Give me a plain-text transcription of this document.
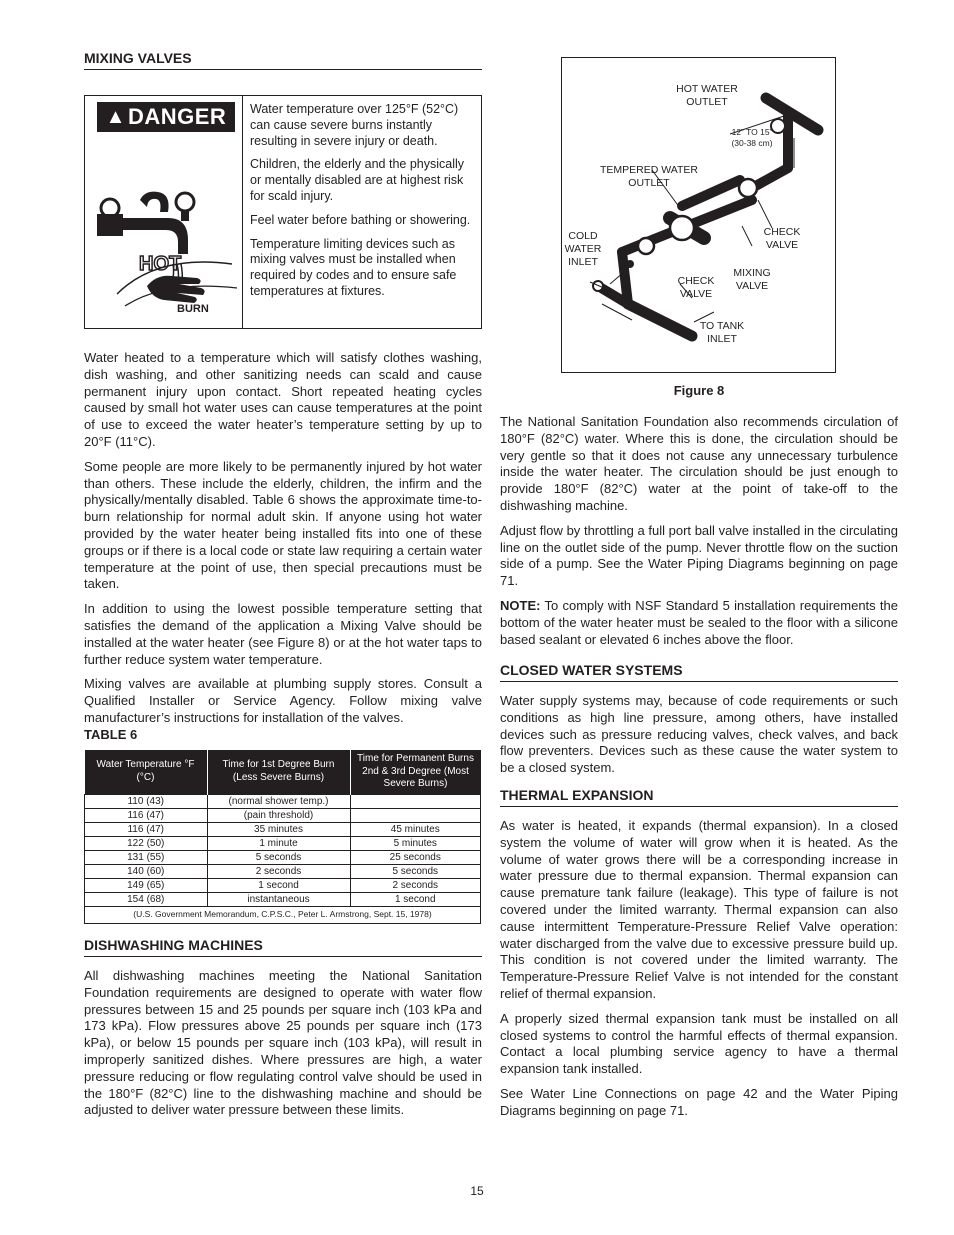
MIXING VALVES
▲ DANGER
HOT
BURN

Water temperature over 125°F (52°C) can cause severe burns instantly resulting in severe injury or death.

Children, the elderly and the physically or mentally disabled are at highest risk for scald injury.

Feel water before bathing or showering.

Temperature limiting devices such as mixing valves must be installed when required by codes and to ensure safe temperatures at fixtures.

Water heated to a temperature which will satisfy clothes washing, dish washing, and other sanitizing needs can scald and cause permanent injury upon contact. Short repeated heating cycles caused by small hot water uses can cause temperatures at the point of use to exceed the water heater’s temperature setting by up to 20°F (11°C).

Some people are more likely to be permanently injured by hot water than others. These include the elderly, children, the infirm and the physically/mentally disabled. Table 6 shows the approximate time-to-burn relationship for normal adult skin. If anyone using hot water provided by the water heater being installed fits into one of these groups or if there is a local code or state law requiring a certain water temperature at the point of use, then special precautions must be taken.

In addition to using the lowest possible temperature setting that satisfies the demand of the application a Mixing Valve should be installed at the water heater (see Figure 8) or at the hot water taps to further reduce system water temperature.

Mixing valves are available at plumbing supply stores. Consult a Qualified Installer or Service Agency. Follow mixing valve manufacturer’s instructions for installation of the valves.

TABLE 6
Water Temperature °F (°C)	Time for 1st Degree Burn (Less Severe Burns)	Time for Permanent Burns 2nd & 3rd Degree (Most Severe Burns)
110 (43)	(normal shower temp.)	
116 (47)	(pain threshold)	
116 (47)	35 minutes	45 minutes
122 (50)	1 minute	5 minutes
131 (55)	5 seconds	25 seconds
140 (60)	2 seconds	5 seconds
149 (65)	1 second	2 seconds
154 (68)	instantaneous	1 second
(U.S. Government Memorandum, C.P.S.C., Peter L. Armstrong, Sept. 15, 1978)		
DISHWASHING MACHINES

All dishwashing machines meeting the National Sanitation Foundation requirements are designed to operate with water flow pressures between 15 and 25 pounds per square inch (103 kPa and 173 kPa). Flow pressures above 25 pounds per square inch (173 kPa), or below 15 pounds per square inch (103 kPa), will result in improperly sanitized dishes. Where pressures are high, a water pressure reducing or flow regulating control valve should be used in the 180°F (82°C) line to the dishwashing machine and should be adjusted to deliver water pressure between these limits.

HOT WATER
OUTLET
12” TO 15”
(30-38 cm)
TEMPERED WATER
OUTLET
COLD
WATER
INLET
CHECK
VALVE
MIXING
VALVE
CHECK
VALVE
TO TANK
INLET
Figure 8

The National Sanitation Foundation also recommends circulation of 180°F (82°C) water. Where this is done, the circulation should be very gentle so that it does not cause any unnecessary turbulence inside the water heater. The circulation should be just enough to provide 180°F (82°C) water at the point of take-off to the dishwashing machine.

Adjust flow by throttling a full port ball valve installed in the circulating line on the outlet side of the pump. Never throttle flow on the suction side of a pump. See the Water Piping Diagrams beginning on page 71.

NOTE: To comply with NSF Standard 5 installation requirements the bottom of the water heater must be sealed to the floor with a silicone based sealant or elevated 6 inches above the floor.

CLOSED WATER SYSTEMS

Water supply systems may, because of code requirements or such conditions as high line pressure, among others, have installed devices such as pressure reducing valves, check valves, and back flow preventers. Devices such as these cause the water system to be a closed system.

THERMAL EXPANSION

As water is heated, it expands (thermal expansion). In a closed system the volume of water will grow when it is heated. As the volume of water grows there will be a corresponding increase in water pressure due to thermal expansion. Thermal expansion can cause premature tank failure (leakage). This type of failure is not covered under the limited warranty. Thermal expansion can also cause intermittent Temperature-Pressure Relief Valve operation: water discharged from the valve due to excessive pressure build up. This condition is not covered under the limited warranty. The Temperature-Pressure Relief Valve is not intended for the constant relief of thermal expansion.

A properly sized thermal expansion tank must be installed on all closed systems to control the harmful effects of thermal expansion. Contact a local plumbing service agency to have a thermal expansion tank installed.

See Water Line Connections on page 42 and the Water Piping Diagrams beginning on page 71.

15
